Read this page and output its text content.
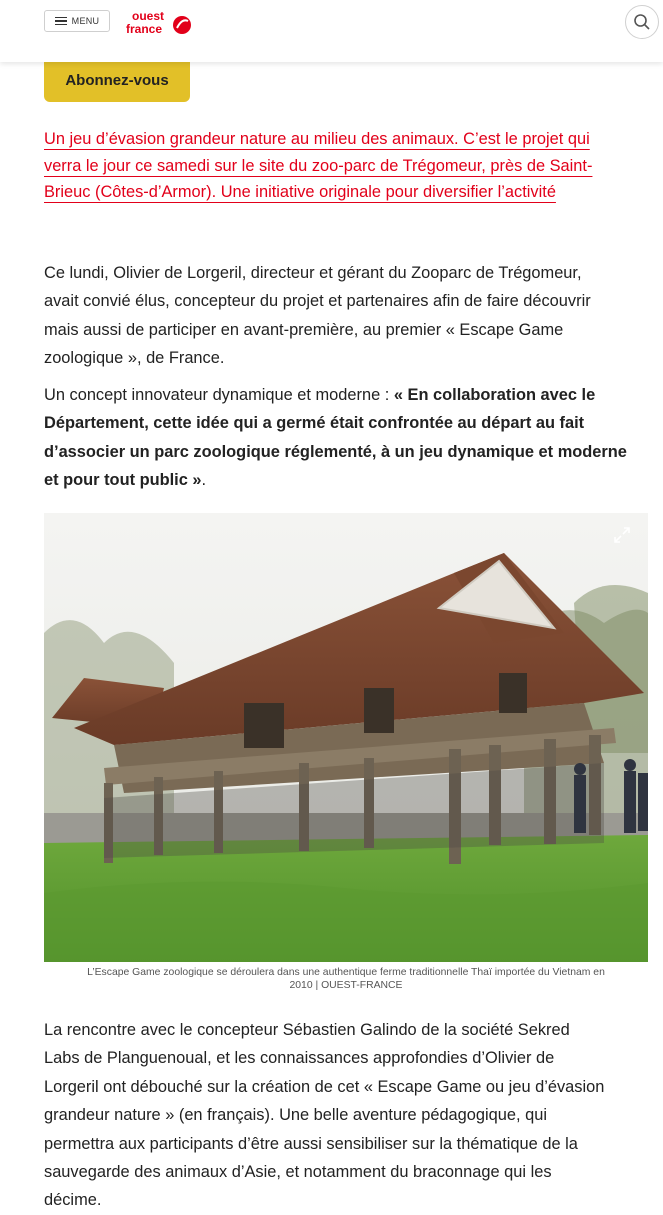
MENU	ouest
france
Abonnez-vous

Un jeu d’évasion grandeur nature au milieu des animaux. C’est le projet qui
verra le jour ce samedi sur le site du zoo-parc de Trégomeur, près de Saint-
Brieuc (Côtes-d’Armor). Une initiative originale pour diversifier l’activité

Ce lundi, Olivier de Lorgeril, directeur et gérant du Zooparc de Trégomeur,
avait convié élus, concepteur du projet et partenaires afin de faire découvrir
mais aussi de participer en avant-première, au premier « Escape Game
zoologique », de France.

Un concept innovateur dynamique et moderne : « En collaboration avec le Département, cette idée qui a germé était confrontée au départ au fait d’associer un parc zoologique réglementé, à un jeu dynamique et moderne et pour tout public ».

L’Escape Game zoologique se déroulera dans une authentique ferme traditionnelle Thaï importée du Vietnam en
2010 | OUEST-FRANCE

La rencontre avec le concepteur Sébastien Galindo de la société Sekred
Labs de Planguenoual, et les connaissances approfondies d’Olivier de
Lorgeril ont débouché sur la création de cet « Escape Game ou jeu d’évasion
grandeur nature » (en français). Une belle aventure pédagogique, qui
permettra aux participants d’être aussi sensibiliser sur la thématique de la
sauvegarde des animaux d’Asie, et notamment du braconnage qui les
décime.
